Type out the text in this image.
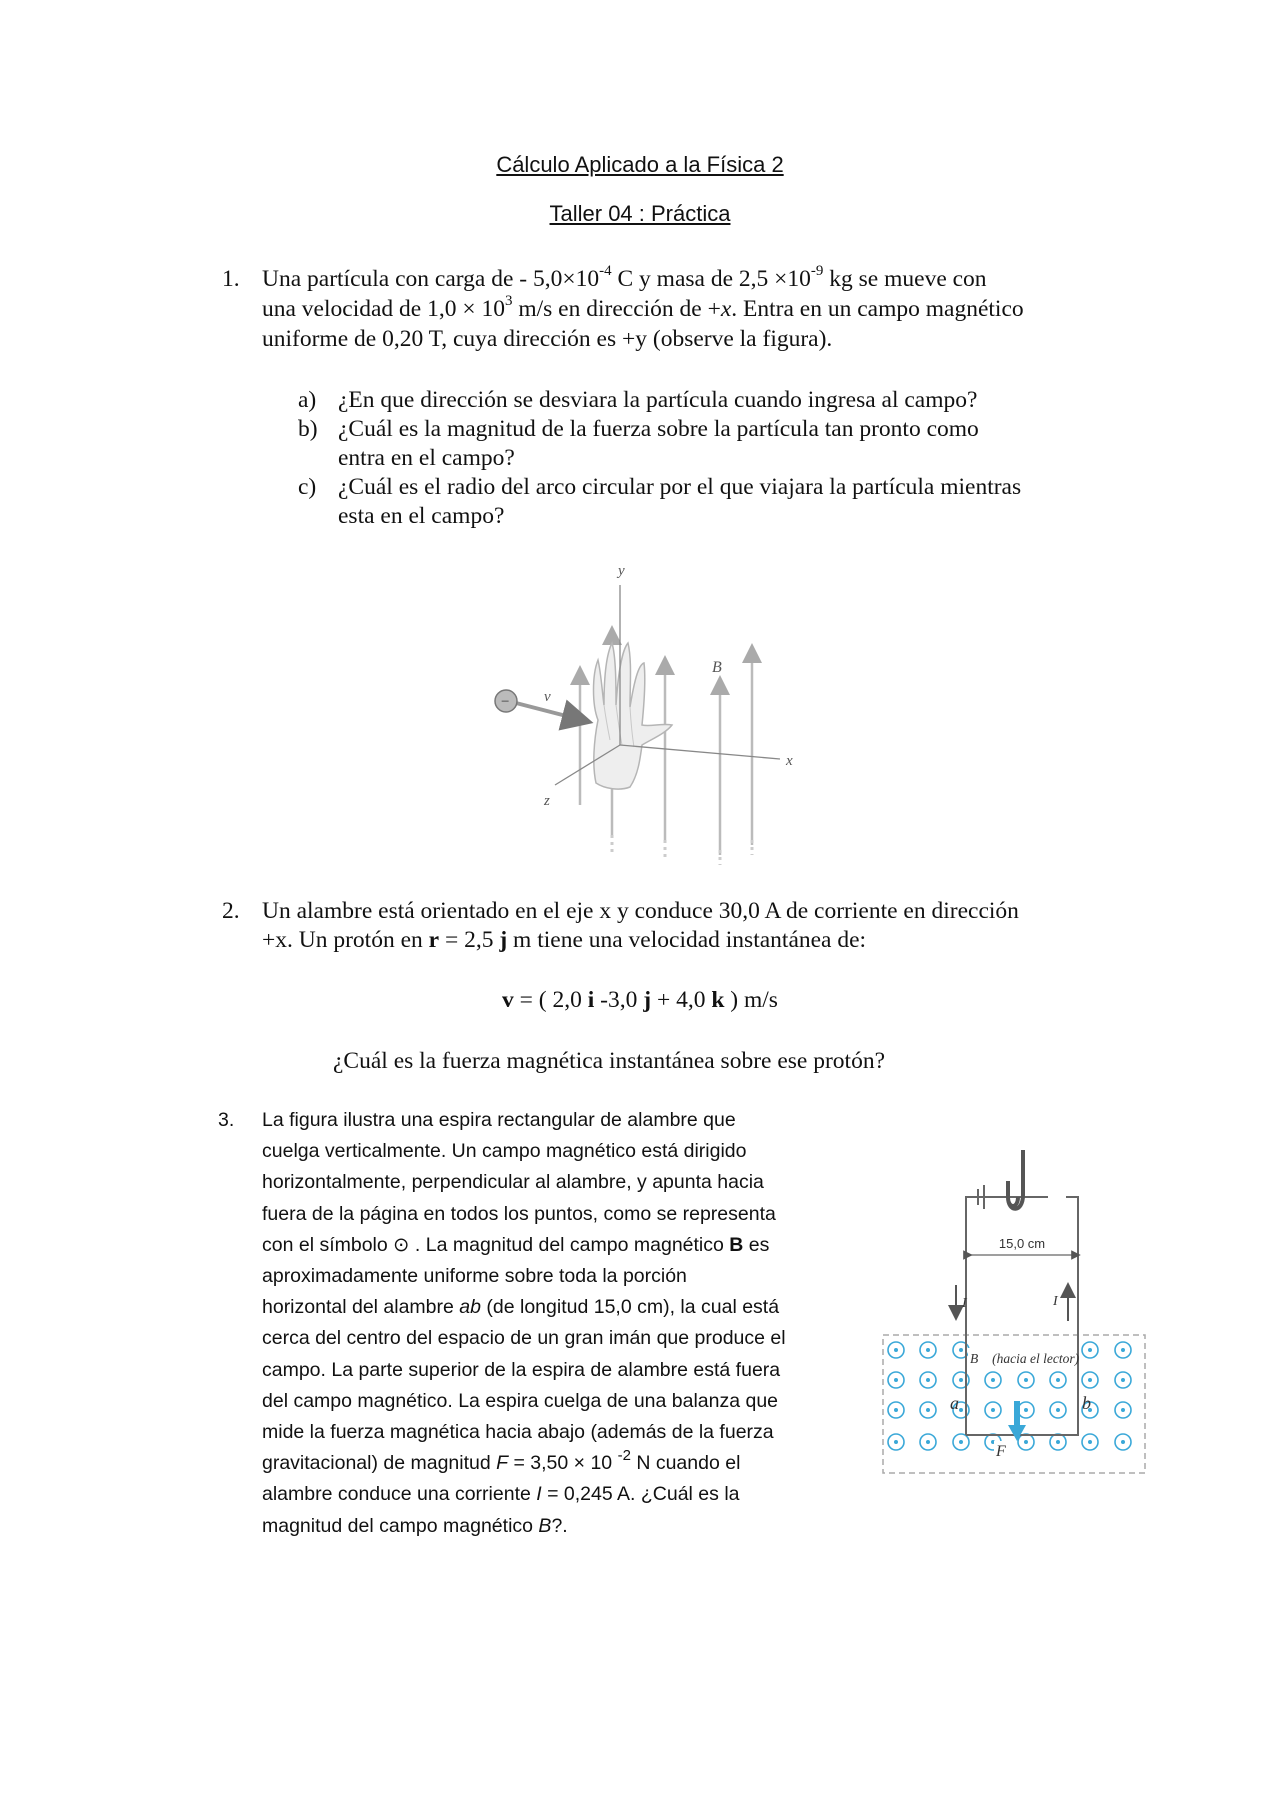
Cálculo Aplicado a la Física 2

Taller 04 : Práctica

1. Una partícula con carga de - $5,0\times 10^{-4}$ C y masa de $2,5 \times 10^{-9}$ kg se mueve con

una velocidad de $1,0 \times 10^3$ m/s en dirección de +x. Entra en un campo magnético

uniforme de 0,20 T, cuya dirección es +y (observe la figura).

a) ¿En que dirección se desviara la partícula cuando ingresa al campo?

b) ¿Cuál es la magnitud de la fuerza sobre la partícula tan pronto como

entra en el campo?

c) ¿Cuál es el radio del arco circular por el que viajara la partícula mientras

esta en el campo?

y
x
z
B
v
−
2. Un alambre está orientado en el eje x y conduce 30,0 A de corriente en dirección

+x. Un protón en r = 2,5 j m tiene una velocidad instantánea de:

v = ( 2,0 i -3,0 j + 4,0 k ) m/s

¿Cuál es la fuerza magnética instantánea sobre ese protón?

3. La figura ilustra una espira rectangular de alambre que
cuelga verticalmente. Un campo magnético está dirigido
horizontalmente, perpendicular al alambre, y apunta hacia
fuera de la página en todos los puntos, como se representa
con el símbolo ⊙ . La magnitud del campo magnético B es
aproximadamente uniforme sobre toda la porción
horizontal del alambre ab (de longitud 15,0 cm), la cual está
cerca del centro del espacio de un gran imán que produce el
campo. La parte superior de la espira de alambre está fuera
del campo magnético. La espira cuelga de una balanza que
mide la fuerza magnética hacia abajo (además de la fuerza
gravitacional) de magnitud F = 3,50 × 10 $^{-2}$ N cuando el
alambre conduce una corriente I = 0,245 A. ¿Cuál es la
magnitud del campo magnético B?.

15,0 cm
I	I
B⃗ (hacia el lector)
a	b
F⃗
